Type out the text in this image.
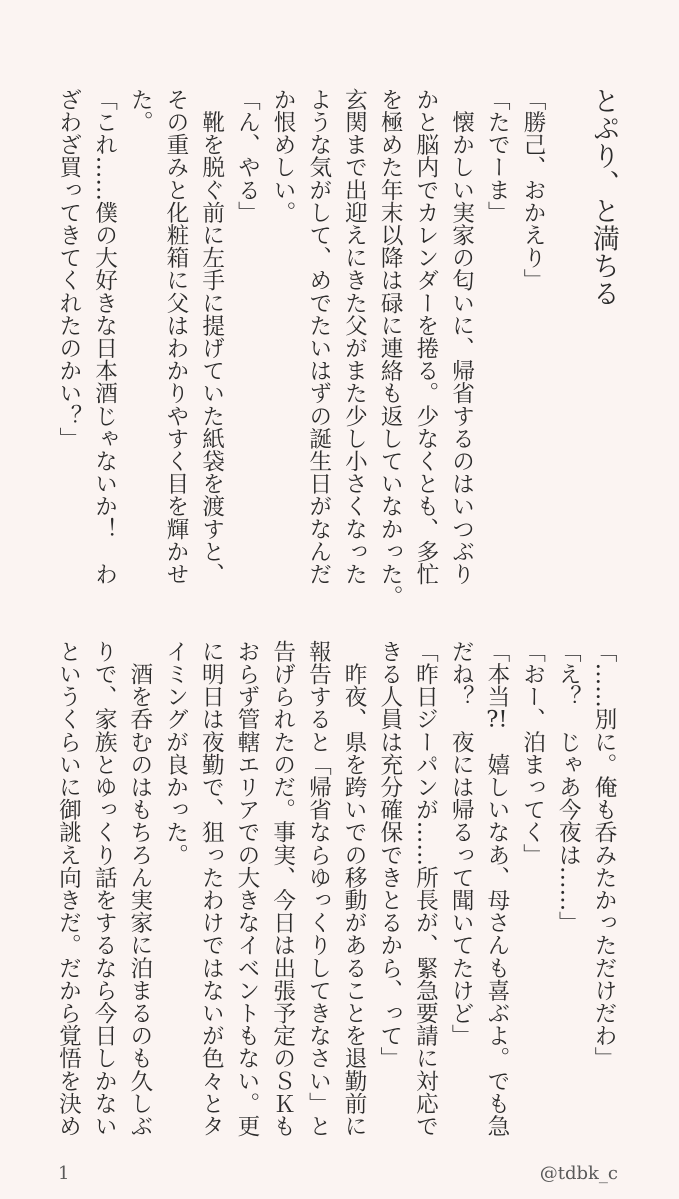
とぷり、と満ちる
「勝己、おかえり」
「たでーま」
　懐かしい実家の匂いに、帰省するのはいつぶり
かと脳内でカレンダーを捲る。少なくとも、多忙
を極めた年末以降は碌に連絡も返していなかった。
玄関まで出迎えにきた父がまた少し小さくなった
ような気がして、めでたいはずの誕生日がなんだ
か恨めしい。
「ん、やる」
　靴を脱ぐ前に左手に提げていた紙袋を渡すと、
その重みと化粧箱に父はわかりやすく目を輝かせ
た。
「これ……僕の大好きな日本酒じゃないか！　わ
ざわざ買ってきてくれたのかい？」
「……別に。俺も呑みたかっただけだわ」
「え？　じゃあ今夜は……」
「おー、泊まってく」
「本当?!　嬉しいなあ、母さんも喜ぶよ。でも急
だね？　夜には帰るって聞いてたけど」
「昨日ジーパンが……所長が、緊急要請に対応で
きる人員は充分確保できとるから、って」
　昨夜、県を跨いでの移動があることを退勤前に
報告すると「帰省ならゆっくりしてきなさい」と
告げられたのだ。事実、今日は出張予定のＳＫも
おらず管轄エリアでの大きなイベントもない。更
に明日は夜勤で、狙ったわけではないが色々とタ
イミングが良かった。
　酒を呑むのはもちろん実家に泊まるのも久しぶ
りで、家族とゆっくり話をするなら今日しかない
というくらいに御誂え向きだ。だから覚悟を決め
1	@tdbk_c
